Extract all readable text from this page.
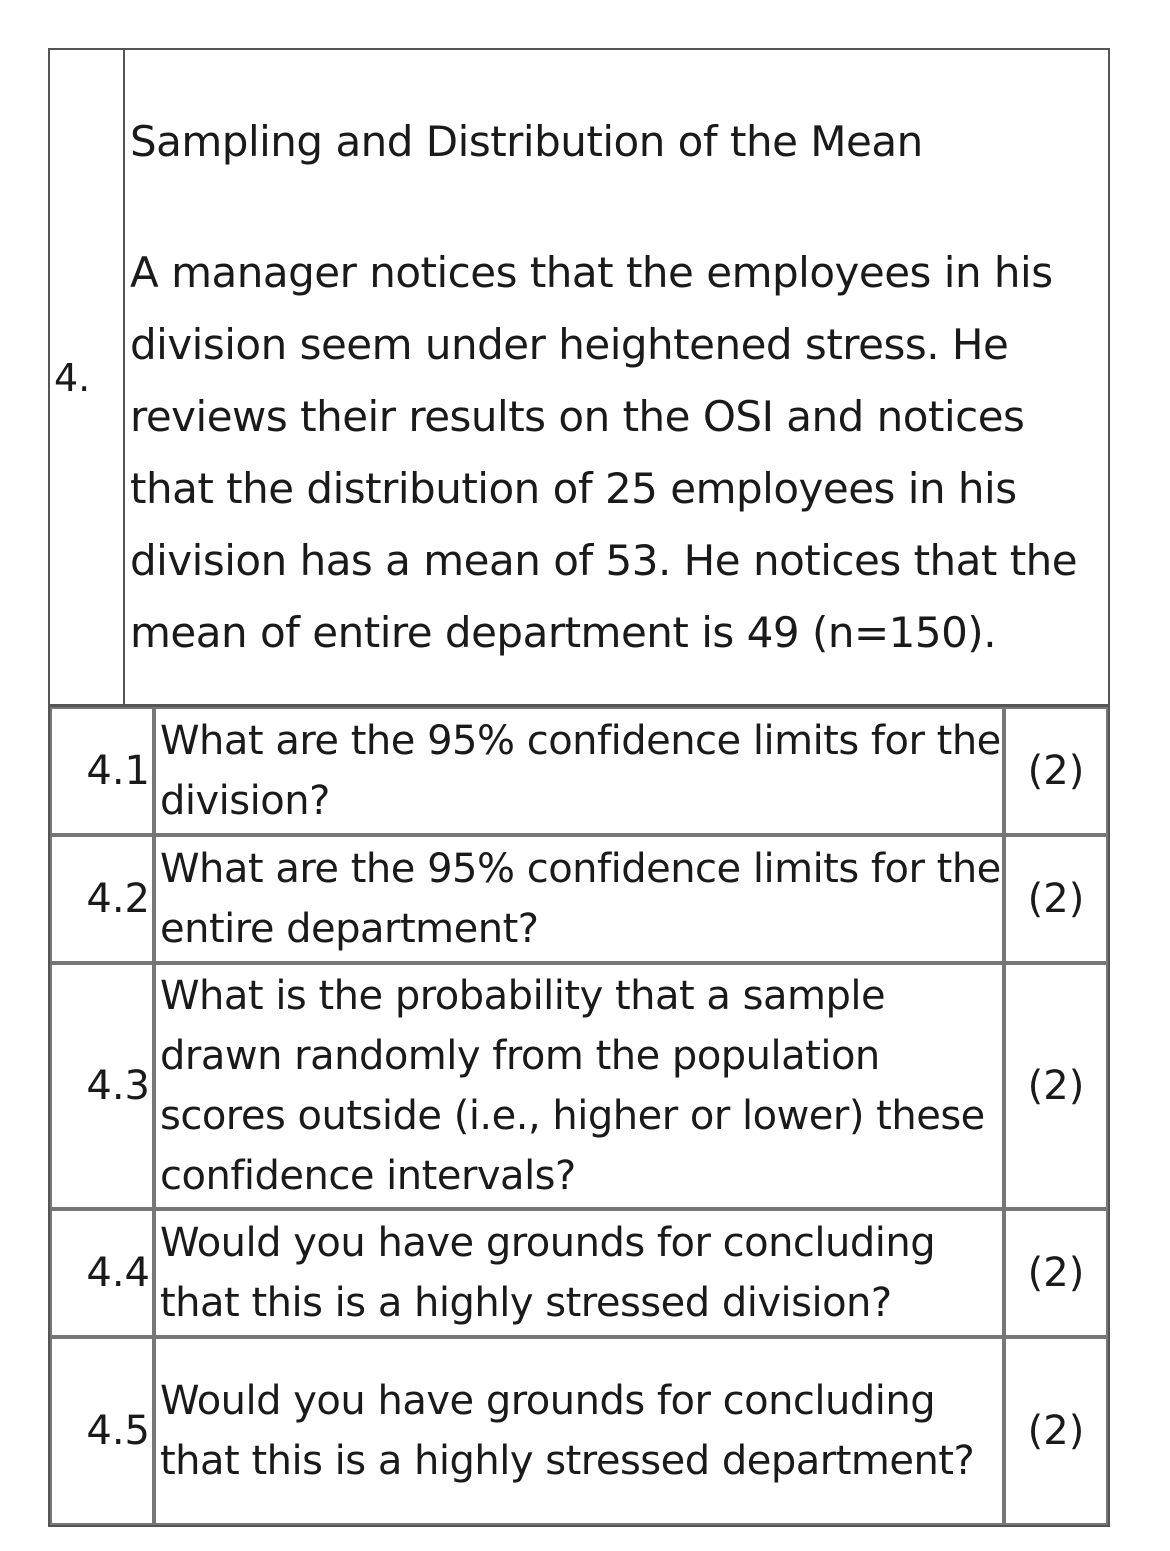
4.
Sampling and Distribution of the Mean
A manager notices that the employees in his division seem under heightened stress. He reviews their results on the OSI and notices that the distribution of 25 employees in his division has a mean of 53. He notices that the mean of entire department is 49 (n=150).
4.1	What are the 95% confidence limits for the division?	(2)
4.2	What are the 95% confidence limits for the entire department?	(2)
4.3	What is the probability that a sample drawn randomly from the population scores outside (i.e., higher or lower) these confidence intervals?	(2)
4.4	Would you have grounds for concluding that this is a highly stressed division?	(2)
4.5	Would you have grounds for concluding that this is a highly stressed department?	(2)
